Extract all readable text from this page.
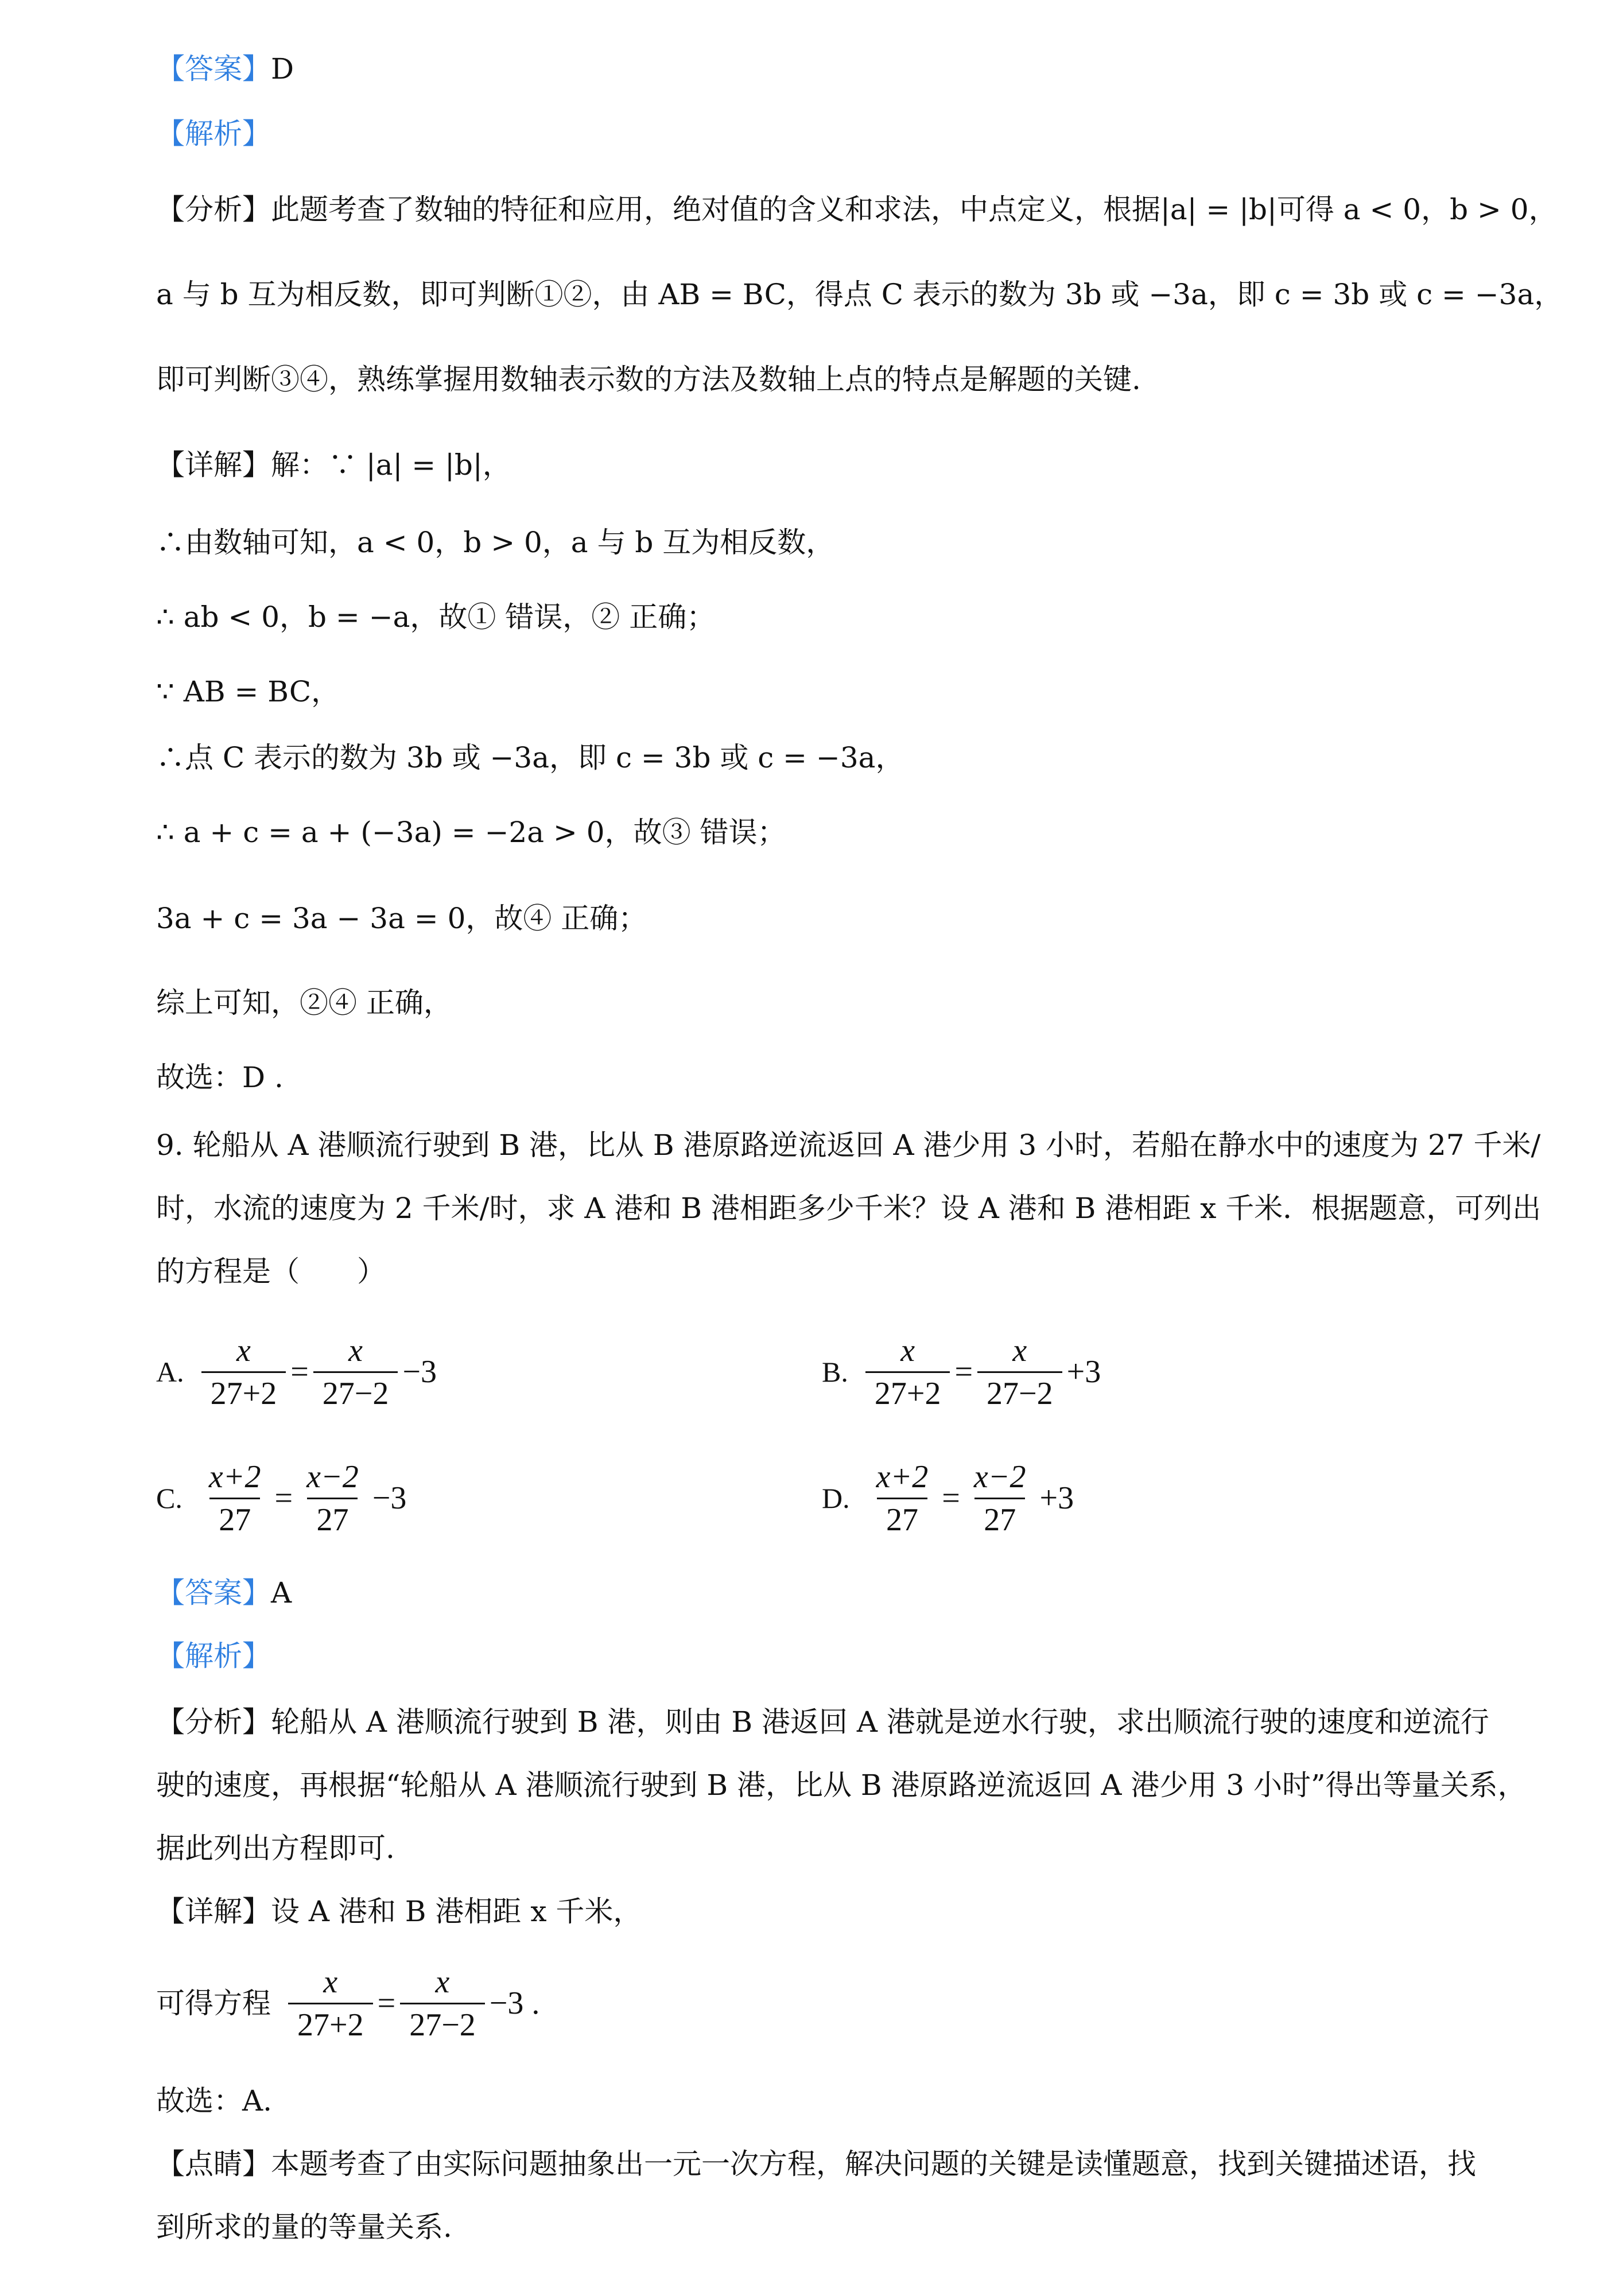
【答案】D
【解析】
【分析】此题考查了数轴的特征和应用，绝对值的含义和求法，中点定义，根据|a| = |b|可得 a < 0，b > 0，
a 与 b 互为相反数，即可判断①②，由 AB = BC，得点 C 表示的数为 3b 或 −3a，即 c = 3b 或 c = −3a，
即可判断③④，熟练掌握用数轴表示数的方法及数轴上点的特点是解题的关键.
【详解】解：∵ |a| = |b|，
∴由数轴可知，a < 0，b > 0，a 与 b 互为相反数，
∴ ab < 0，b = −a，故① 错误，② 正确；
∵ AB = BC，
∴点 C 表示的数为 3b 或 −3a，即 c = 3b 或 c = −3a，
∴ a + c = a + (−3a) = −2a > 0，故③ 错误；
3a + c = 3a − 3a = 0，故④ 正确；
综上可知，②④ 正确，
故选：D .
9. 轮船从 A 港顺流行驶到 B 港，比从 B 港原路逆流返回 A 港少用 3 小时，若船在静水中的速度为 27 千米/
时，水流的速度为 2 千米/时，求 A 港和 B 港相距多少千米？设 A 港和 B 港相距 x 千米．根据题意，可列出
的方程是（　　）
A. $\frac{x}{27+2} = \frac{x}{27-2} -3$	B. $\frac{x}{27+2} = \frac{x}{27-2} +3$
C. $\frac{x+2}{27} = \frac{x-2}{27} -3$	D. $\frac{x+2}{27} = \frac{x-2}{27} +3$
【答案】A
【解析】
【分析】轮船从 A 港顺流行驶到 B 港，则由 B 港返回 A 港就是逆水行驶，求出顺流行驶的速度和逆流行
驶的速度，再根据“轮船从 A 港顺流行驶到 B 港，比从 B 港原路逆流返回 A 港少用 3 小时”得出等量关系，
据此列出方程即可.
【详解】设 A 港和 B 港相距 x 千米，
可得方程 $\frac{x}{27+2} = \frac{x}{27-2} -3$ .
故选：A.
【点睛】本题考查了由实际问题抽象出一元一次方程，解决问题的关键是读懂题意，找到关键描述语，找
到所求的量的等量关系.
